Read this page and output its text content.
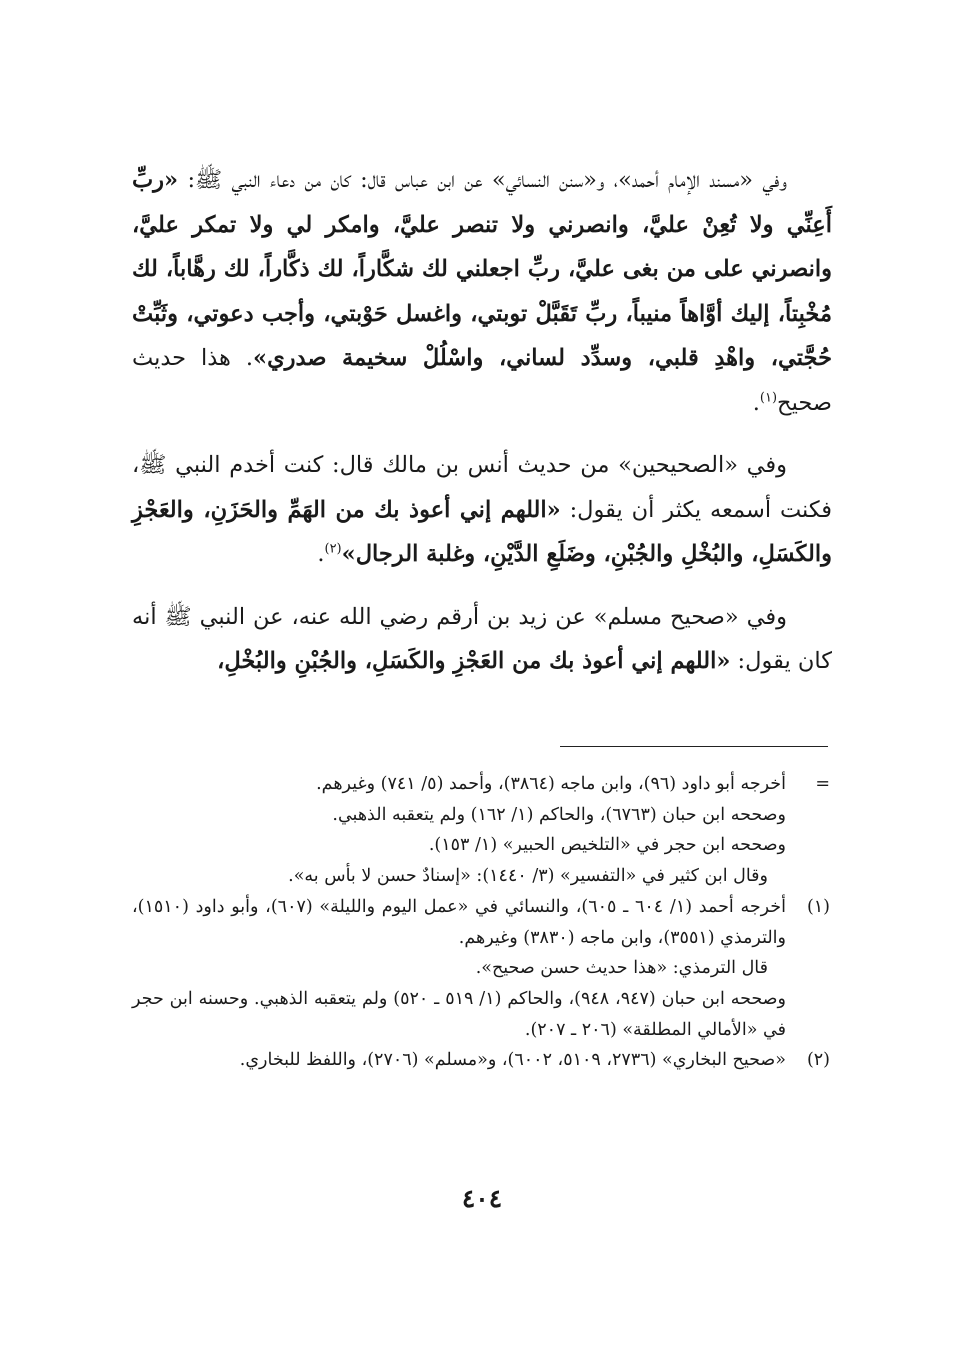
وفي «مسند الإمام أحمد»، و«سنن النسائي» عن ابن عباس قال: كان من دعاء النبي ﷺ: «ربِّ أَعِنِّي ولا تُعِنْ عليَّ، وانصرني ولا تنصر عليَّ، وامكر لي ولا تمكر عليَّ، وانصرني على من بغى عليَّ، ربِّ اجعلني لك شكَّاراً، لك ذكَّاراً، لك رهَّاباً، لك مُخْبِتاً، إليك أوَّاهاً منيباً، ربِّ تَقَبَّلْ توبتي، واغسل حَوْبتي، وأجب دعوتي، وثَبِّتْ حُجَّتي، واهْدِ قلبي، وسدِّد لساني، واسْلُلْ سخيمة صدري». هذا حديث صحيح$^{(١)}$.

وفي «الصحيحين» من حديث أنس بن مالك قال: كنت أخدم النبي ﷺ، فكنت أسمعه يكثر أن يقول: «اللهم إني أعوذ بك من الهَمِّ والحَزَنِ، والعَجْزِ والكَسَلِ، والبُخْلِ والجُبْنِ، وضَلَعِ الدَّيْنِ، وغلبة الرجال»$^{(٢)}$.

وفي «صحيح مسلم» عن زيد بن أرقم رضي الله عنه، عن النبي ﷺ أنه كان يقول: «اللهم إني أعوذ بك من العَجْزِ والكَسَلِ، والجُبْنِ والبُخْلِ،

=
أخرجه أبو داود (٩٦)، وابن ماجه (٣٨٦٤)، وأحمد (٥/ ٧٤١) وغيرهم.
وصححه ابن حبان (٦٧٦٣)، والحاكم (١/ ١٦٢) ولم يتعقبه الذهبي.
وصححه ابن حجر في «التلخيص الحبير» (١/ ١٥٣).
وقال ابن كثير في «التفسير» (٣/ ١٤٤٠): «إسنادٌ حسن لا بأس به».
(١)
أخرجه أحمد (١/ ٦٠٤ ـ ٦٠٥)، والنسائي في «عمل اليوم والليلة» (٦٠٧)، وأبو داود (١٥١٠)، والترمذي (٣٥٥١)، وابن ماجه (٣٨٣٠) وغيرهم.
قال الترمذي: «هذا حديث حسن صحيح».
وصححه ابن حبان (٩٤٧، ٩٤٨)، والحاكم (١/ ٥١٩ ـ ٥٢٠) ولم يتعقبه الذهبي. وحسنه ابن حجر في «الأمالي المطلقة» (٢٠٦ ـ ٢٠٧).
(٢)
«صحيح البخاري» (٢٧٣٦، ٥١٠٩، ٦٠٠٢)، و«مسلم» (٢٧٠٦)، واللفظ للبخاري.
٤٠٤
